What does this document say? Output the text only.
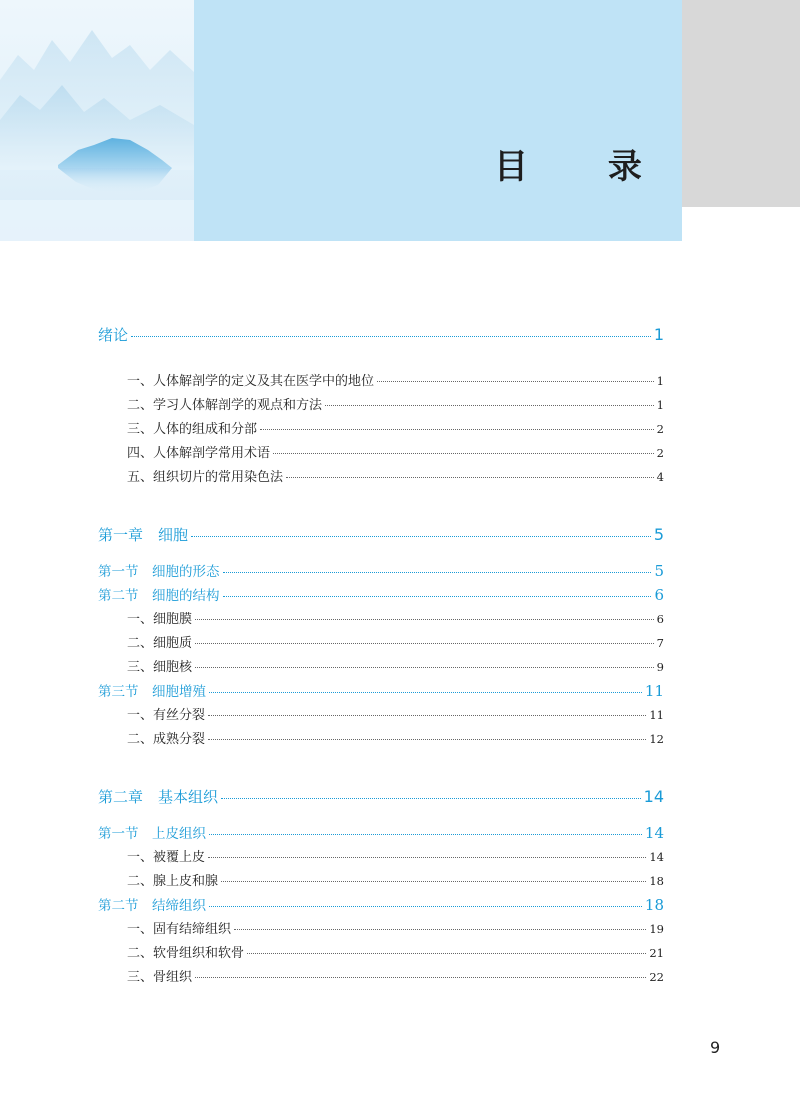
目 录
绪论	1
一、人体解剖学的定义及其在医学中的地位	1
二、学习人体解剖学的观点和方法	1
三、人体的组成和分部	2
四、人体解剖学常用术语	2
五、组织切片的常用染色法	4
第一章　细胞	5
第一节　细胞的形态	5
第二节　细胞的结构	6
一、细胞膜	6
二、细胞质	7
三、细胞核	9
第三节　细胞增殖	11
一、有丝分裂	11
二、成熟分裂	12
第二章　基本组织	14
第一节　上皮组织	14
一、被覆上皮	14
二、腺上皮和腺	18
第二节　结缔组织	18
一、固有结缔组织	19
二、软骨组织和软骨	21
三、骨组织	22
9
